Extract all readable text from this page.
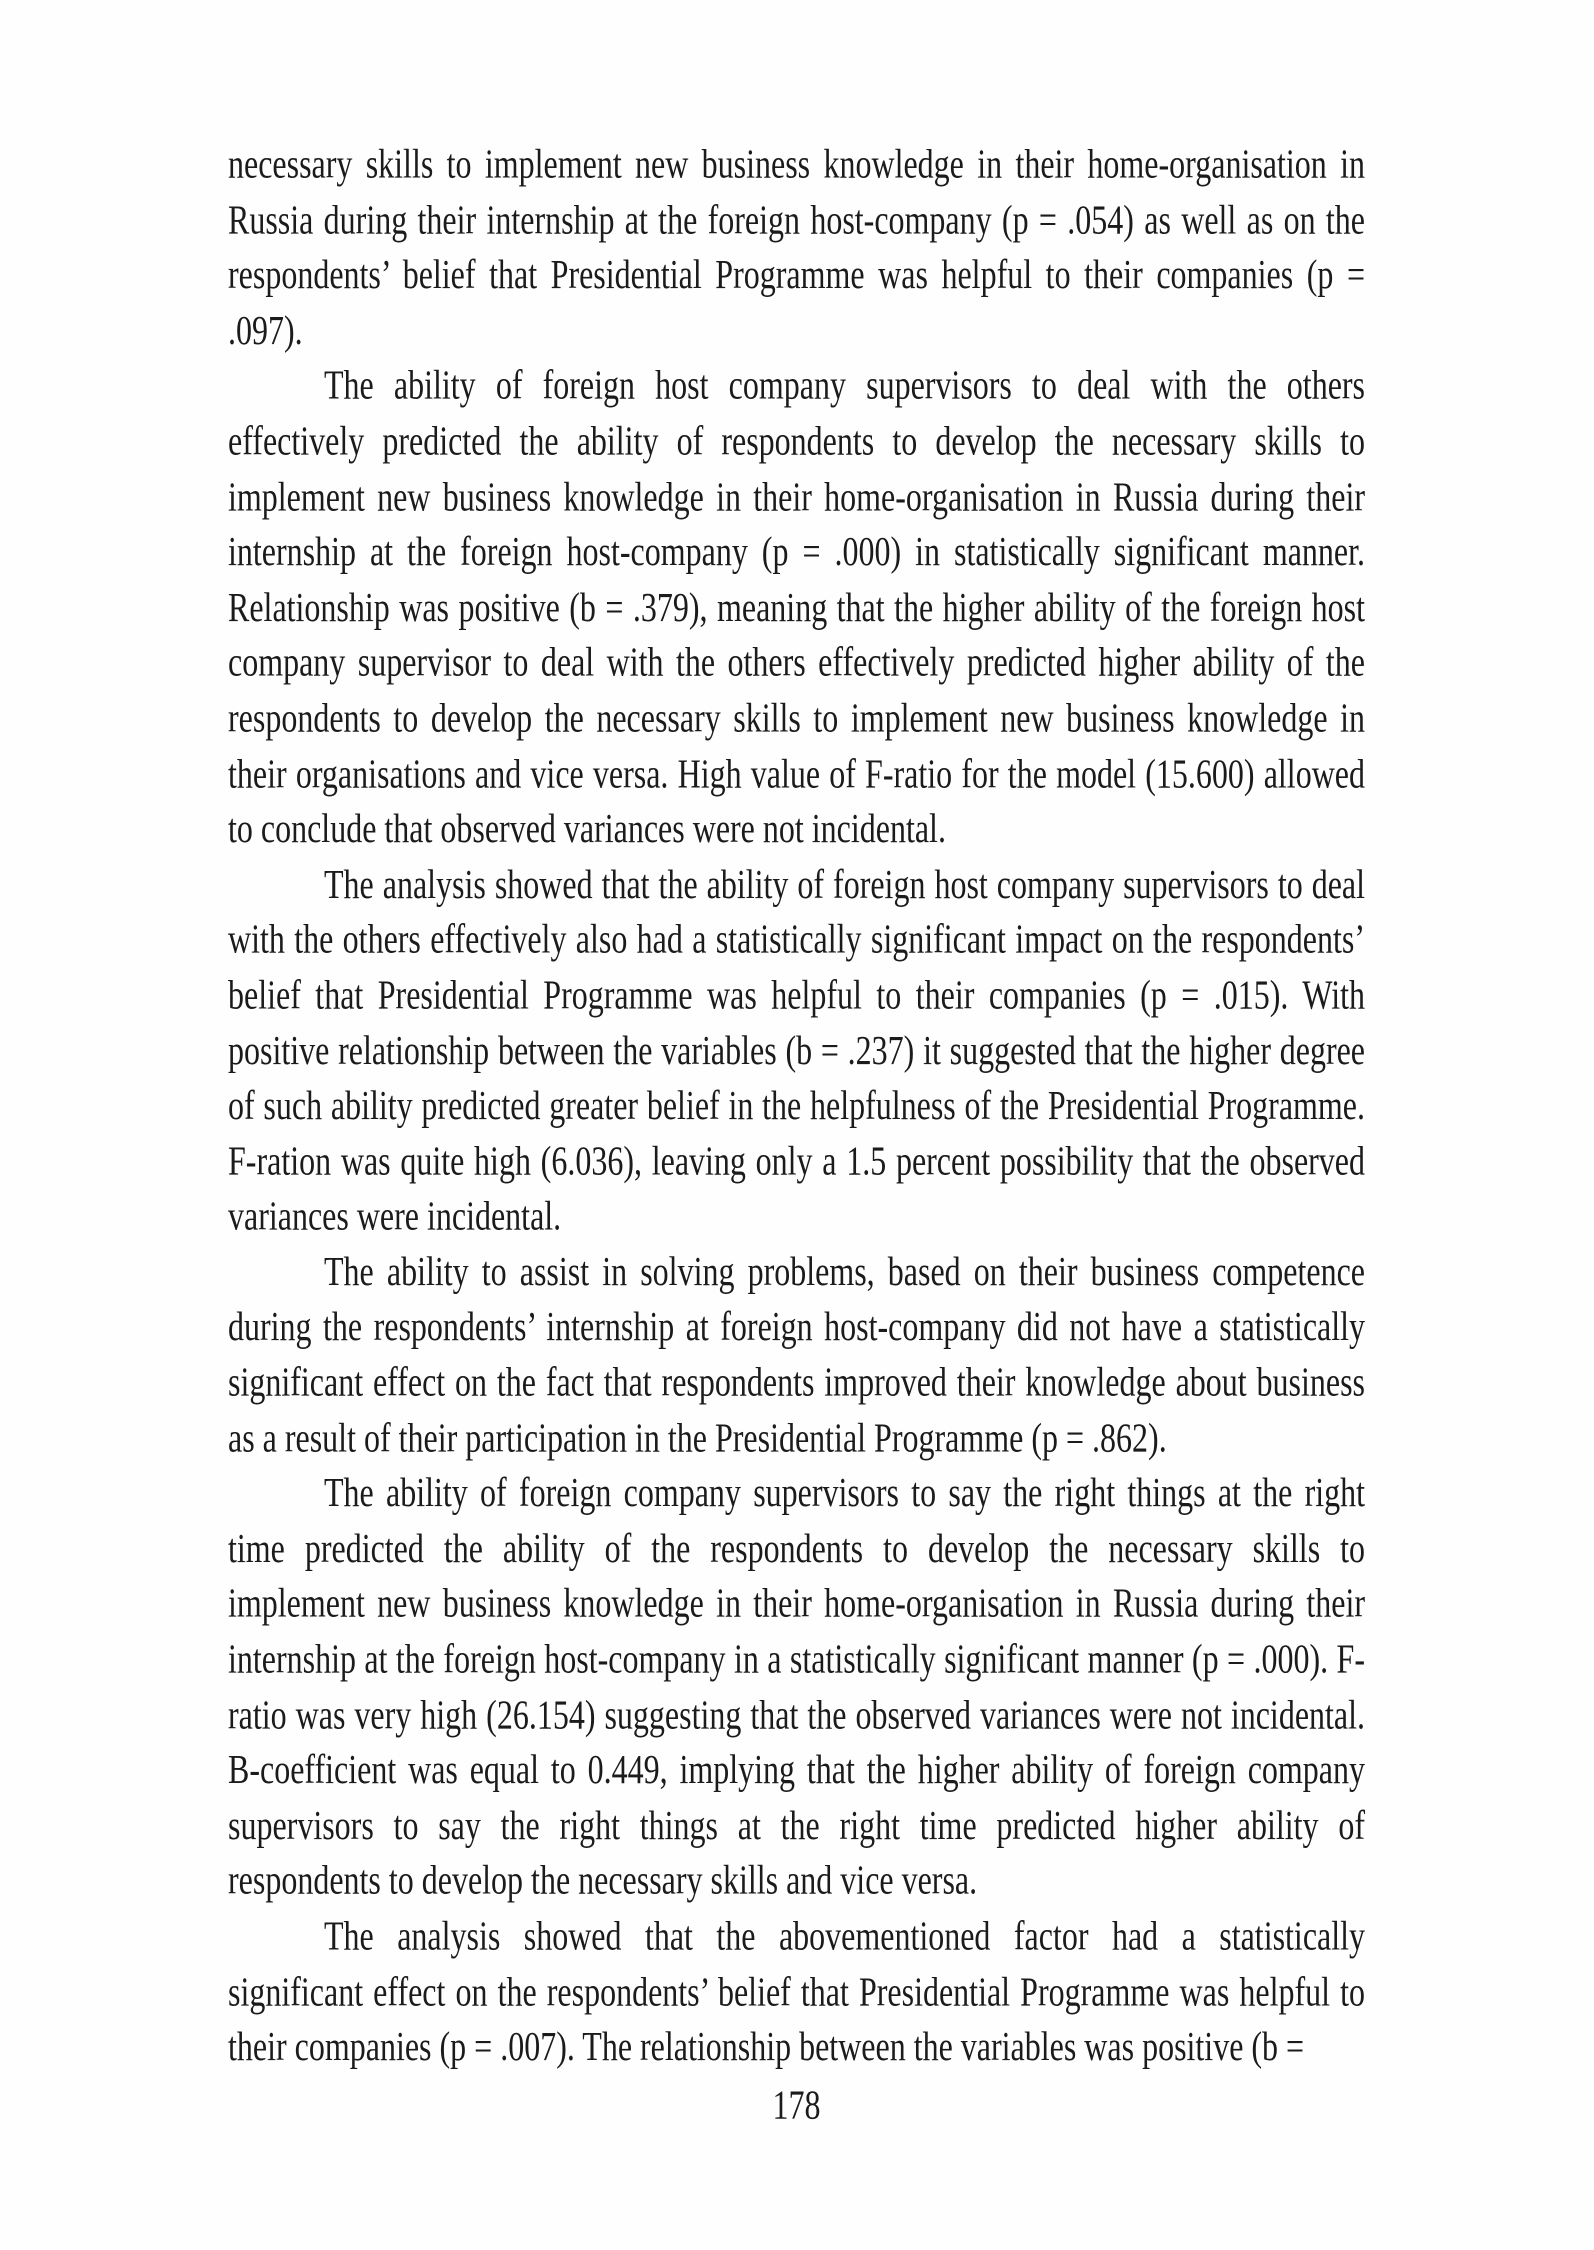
necessary skills to implement new business knowledge in their home-organisation in Russia during their internship at the foreign host-company (p = .054) as well as on the respondents’ belief that Presidential Programme was helpful to their companies (p = .097).

The ability of foreign host company supervisors to deal with the others effectively predicted the ability of respondents to develop the necessary skills to implement new business knowledge in their home-organisation in Russia during their internship at the foreign host-company (p = .000) in statistically significant manner. Relationship was positive (b = .379), meaning that the higher ability of the foreign host company supervisor to deal with the others effectively predicted higher ability of the respondents to develop the necessary skills to implement new business knowledge in their organisations and vice versa. High value of F-ratio for the model (15.600) allowed to conclude that observed variances were not incidental.

The analysis showed that the ability of foreign host company supervisors to deal with the others effectively also had a statistically significant impact on the respondents’ belief that Presidential Programme was helpful to their companies (p = .015). With positive relationship between the variables (b = .237) it suggested that the higher degree of such ability predicted greater belief in the helpfulness of the Presidential Programme. F-ration was quite high (6.036), leaving only a 1.5 percent possibility that the observed variances were incidental.

The ability to assist in solving problems, based on their business competence during the respondents’ internship at foreign host-company did not have a statistically significant effect on the fact that respondents improved their knowledge about business as a result of their participation in the Presidential Programme (p = .862).

The ability of foreign company supervisors to say the right things at the right time predicted the ability of the respondents to develop the necessary skills to implement new business knowledge in their home-organisation in Russia during their internship at the foreign host-company in a statistically significant manner (p = .000). F-ratio was very high (26.154) suggesting that the observed variances were not incidental. B-coefficient was equal to 0.449, implying that the higher ability of foreign company supervisors to say the right things at the right time predicted higher ability of respondents to develop the necessary skills and vice versa.

The analysis showed that the abovementioned factor had a statistically significant effect on the respondents’ belief that Presidential Programme was helpful to their companies (p = .007). The relationship between the variables was positive (b =

178
